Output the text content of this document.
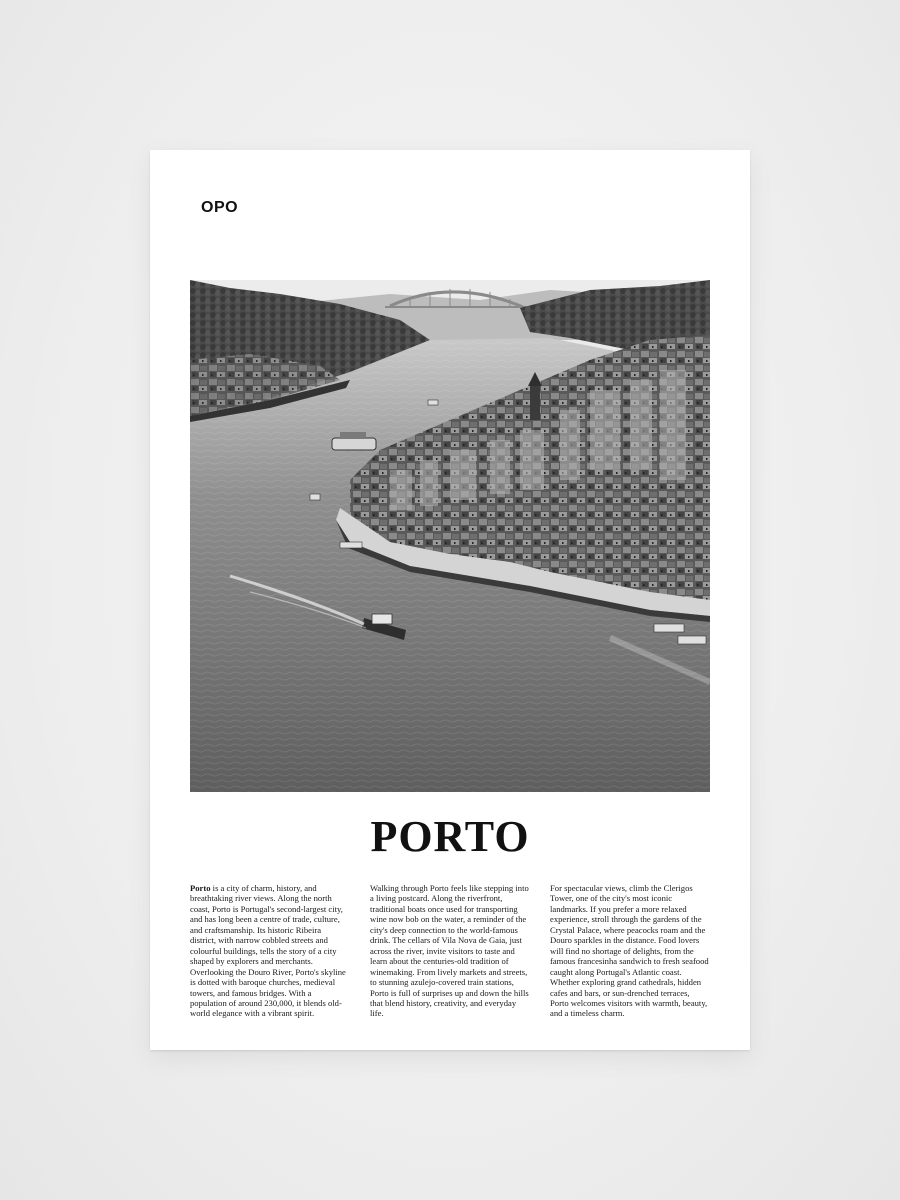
OPO
PORTO
Porto is a city of charm, history, and breathtaking river views. Along the north coast, Porto is Portugal's second-largest city, and has long been a centre of trade, culture, and craftsmanship. Its historic Ribeira district, with narrow cobbled streets and colourful buildings, tells the story of a city shaped by explorers and merchants. Overlooking the Douro River, Porto's skyline is dotted with baroque churches, medieval towers, and famous bridges. With a population of around 230,000, it blends old-world elegance with a vibrant spirit.
Walking through Porto feels like stepping into a living postcard. Along the riverfront, traditional boats once used for transporting wine now bob on the water, a reminder of the city's deep connection to the world-famous drink. The cellars of Vila Nova de Gaia, just across the river, invite visitors to taste and learn about the centuries-old tradition of winemaking. From lively markets and streets, to stunning azulejo-covered train stations, Porto is full of surprises up and down the hills that blend history, creativity, and everyday life.
For spectacular views, climb the Clerigos Tower, one of the city's most iconic landmarks. If you prefer a more relaxed experience, stroll through the gardens of the Crystal Palace, where peacocks roam and the Douro sparkles in the distance. Food lovers will find no shortage of delights, from the famous francesinha sandwich to fresh seafood caught along Portugal's Atlantic coast. Whether exploring grand cathedrals, hidden cafes and bars, or sun-drenched terraces, Porto welcomes visitors with warmth, beauty, and a timeless charm.
